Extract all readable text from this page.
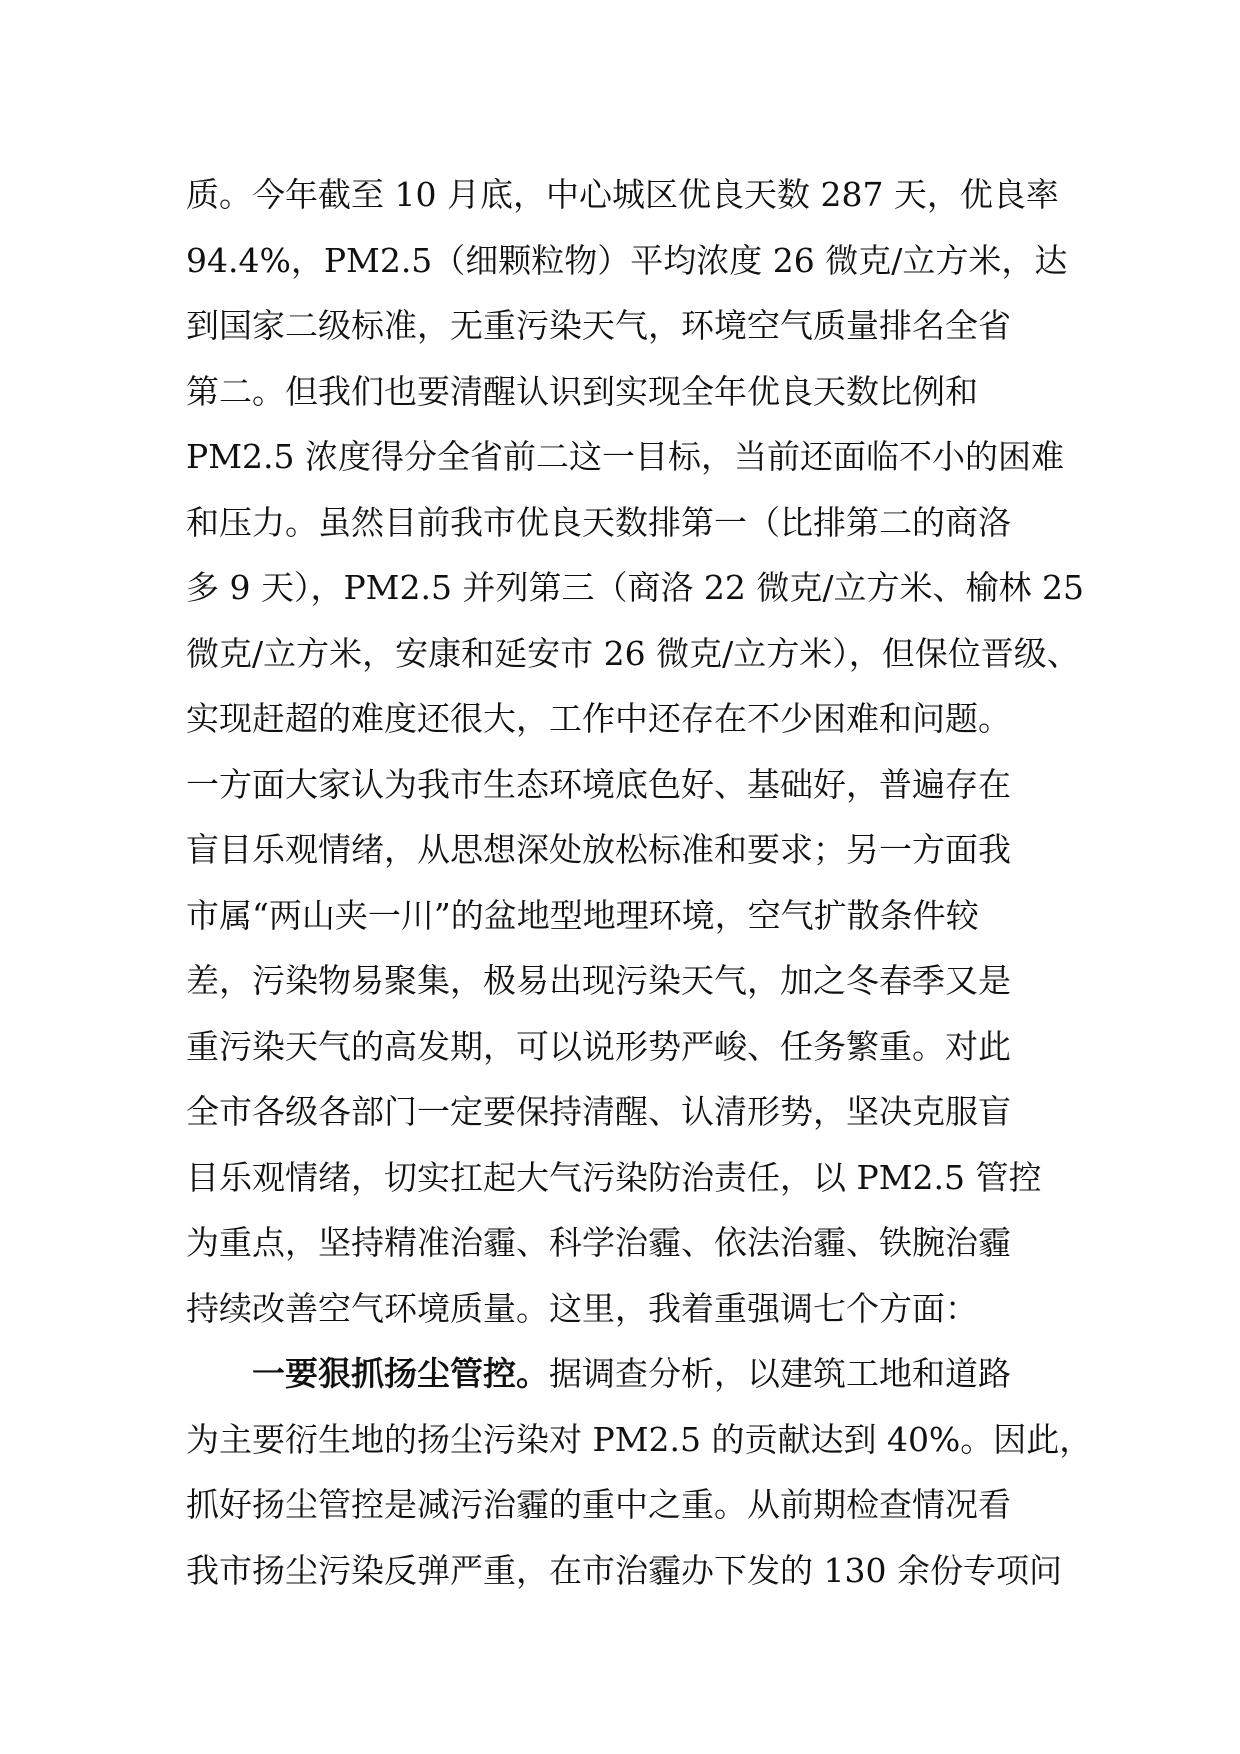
质。今年截至 10 月底，中心城区优良天数 287 天，优良率
94.4%，PM2.5（细颗粒物）平均浓度 26 微克/立方米，达
到国家二级标准，无重污染天气，环境空气质量排名全省
第二。但我们也要清醒认识到实现全年优良天数比例和
PM2.5 浓度得分全省前二这一目标，当前还面临不小的困难
和压力。虽然目前我市优良天数排第一（比排第二的商洛
多 9 天），PM2.5 并列第三（商洛 22 微克/立方米、榆林 25
微克/立方米，安康和延安市 26 微克/立方米），但保位晋级、
实现赶超的难度还很大，工作中还存在不少困难和问题。
一方面大家认为我市生态环境底色好、基础好，普遍存在
盲目乐观情绪，从思想深处放松标准和要求；另一方面我
市属“两山夹一川”的盆地型地理环境，空气扩散条件较
差，污染物易聚集，极易出现污染天气，加之冬春季又是
重污染天气的高发期，可以说形势严峻、任务繁重。对此
全市各级各部门一定要保持清醒、认清形势，坚决克服盲
目乐观情绪，切实扛起大气污染防治责任，以 PM2.5 管控
为重点，坚持精准治霾、科学治霾、依法治霾、铁腕治霾
持续改善空气环境质量。这里，我着重强调七个方面：
一要狠抓扬尘管控。据调查分析，以建筑工地和道路
为主要衍生地的扬尘污染对 PM2.5 的贡献达到 40%。因此，
抓好扬尘管控是减污治霾的重中之重。从前期检查情况看
我市扬尘污染反弹严重，在市治霾办下发的 130 余份专项问
